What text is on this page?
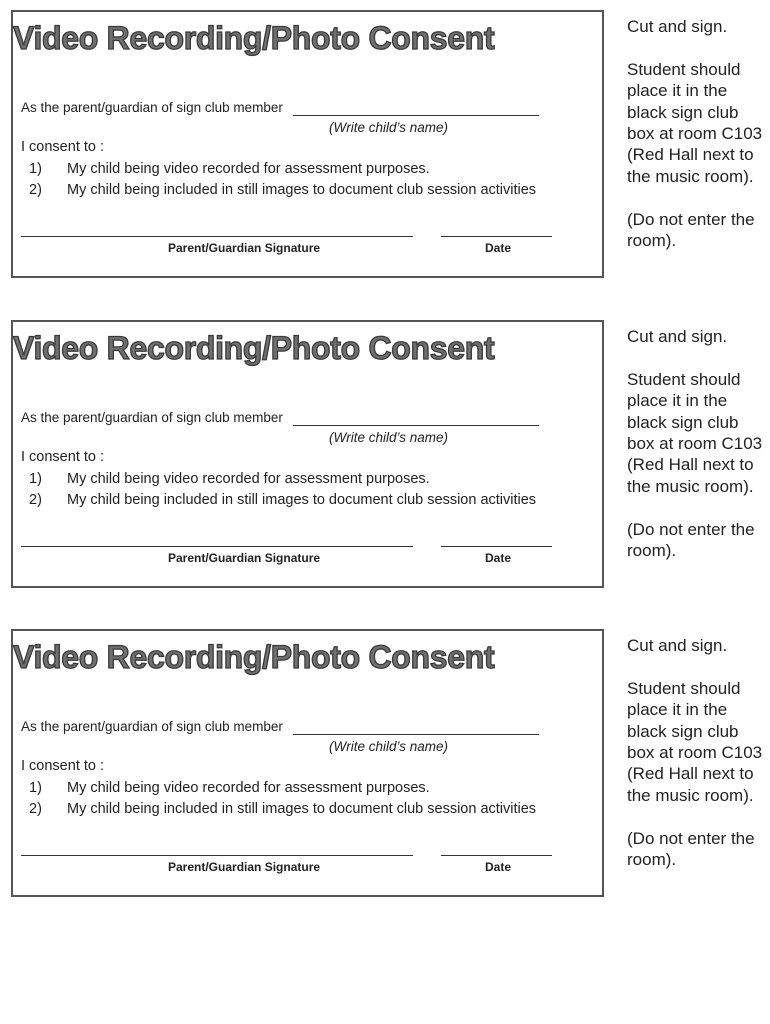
Video Recording/Photo Consent
As the parent/guardian of sign club member
(Write child’s name)
I consent to :
1) My child being video recorded for assessment purposes.
2) My child being included in still images to document club session activities
Parent/Guardian Signature	Date

Cut and sign.

Student should place it in the black sign club box at room C103 (Red Hall next to the music room).

(Do not enter the room).

Video Recording/Photo Consent
As the parent/guardian of sign club member
(Write child’s name)
I consent to :
1) My child being video recorded for assessment purposes.
2) My child being included in still images to document club session activities
Parent/Guardian Signature	Date

Cut and sign.

Student should place it in the black sign club box at room C103 (Red Hall next to the music room).

(Do not enter the room).

Video Recording/Photo Consent
As the parent/guardian of sign club member
(Write child’s name)
I consent to :
1) My child being video recorded for assessment purposes.
2) My child being included in still images to document club session activities
Parent/Guardian Signature	Date

Cut and sign.

Student should place it in the black sign club box at room C103 (Red Hall next to the music room).

(Do not enter the room).
